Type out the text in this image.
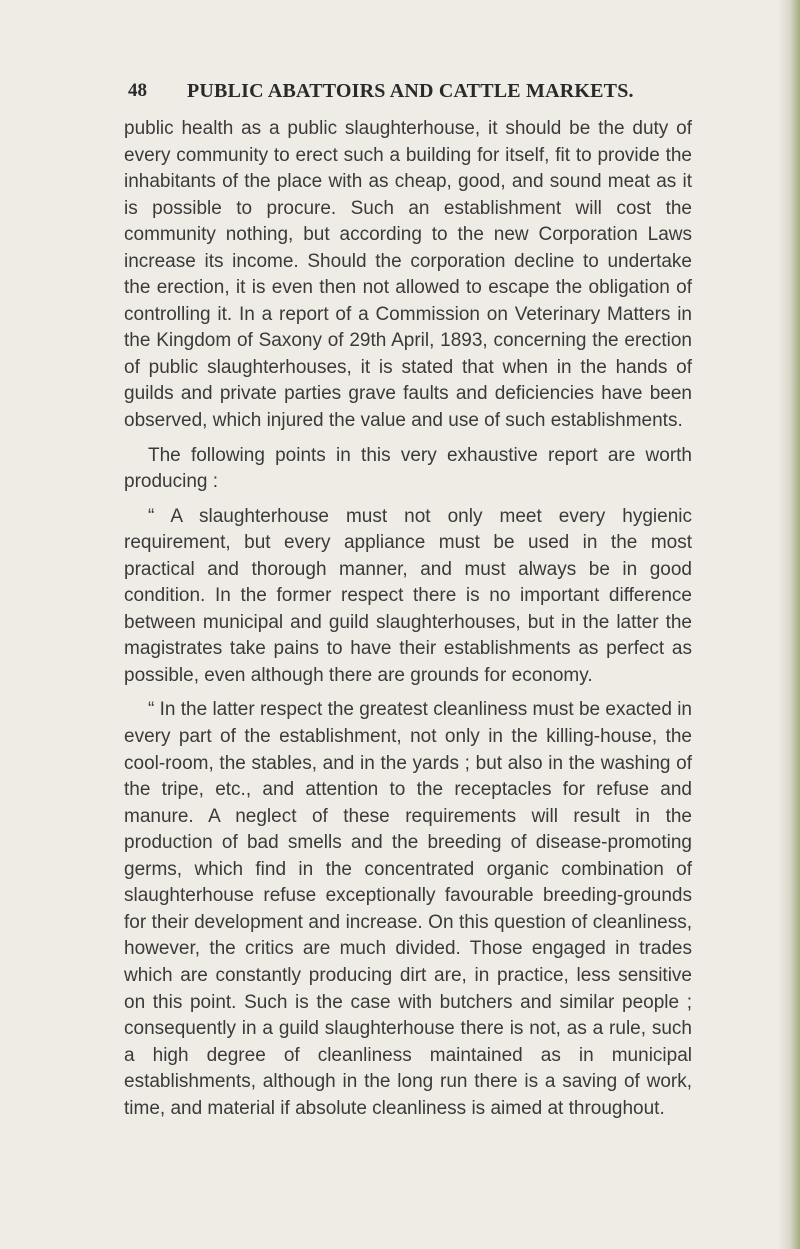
48 PUBLIC ABATTOIRS AND CATTLE MARKETS.

public health as a public slaughterhouse, it should be the duty of every community to erect such a building for itself, fit to provide the inhabitants of the place with as cheap, good, and sound meat as it is possible to procure. Such an establishment will cost the community nothing, but according to the new Corporation Laws increase its income. Should the corporation decline to undertake the erection, it is even then not allowed to escape the obligation of controlling it. In a report of a Commission on Veterinary Matters in the Kingdom of Saxony of 29th April, 1893, concerning the erection of public slaughterhouses, it is stated that when in the hands of guilds and private parties grave faults and deficiencies have been observed, which injured the value and use of such establishments.

The following points in this very exhaustive report are worth producing :

“ A slaughterhouse must not only meet every hygienic requirement, but every appliance must be used in the most practical and thorough manner, and must always be in good condition. In the former respect there is no important difference between municipal and guild slaughterhouses, but in the latter the magistrates take pains to have their establishments as perfect as possible, even although there are grounds for economy.

“ In the latter respect the greatest cleanliness must be exacted in every part of the establishment, not only in the killing-house, the cool-room, the stables, and in the yards ; but also in the washing of the tripe, etc., and attention to the receptacles for refuse and manure. A neglect of these requirements will result in the production of bad smells and the breeding of disease-promoting germs, which find in the concentrated organic combination of slaughterhouse refuse exceptionally favourable breeding-grounds for their development and increase. On this question of cleanliness, however, the critics are much divided. Those engaged in trades which are constantly producing dirt are, in practice, less sensitive on this point. Such is the case with butchers and similar people ; consequently in a guild slaughterhouse there is not, as a rule, such a high degree of cleanliness maintained as in municipal establishments, although in the long run there is a saving of work, time, and material if absolute cleanliness is aimed at throughout.
